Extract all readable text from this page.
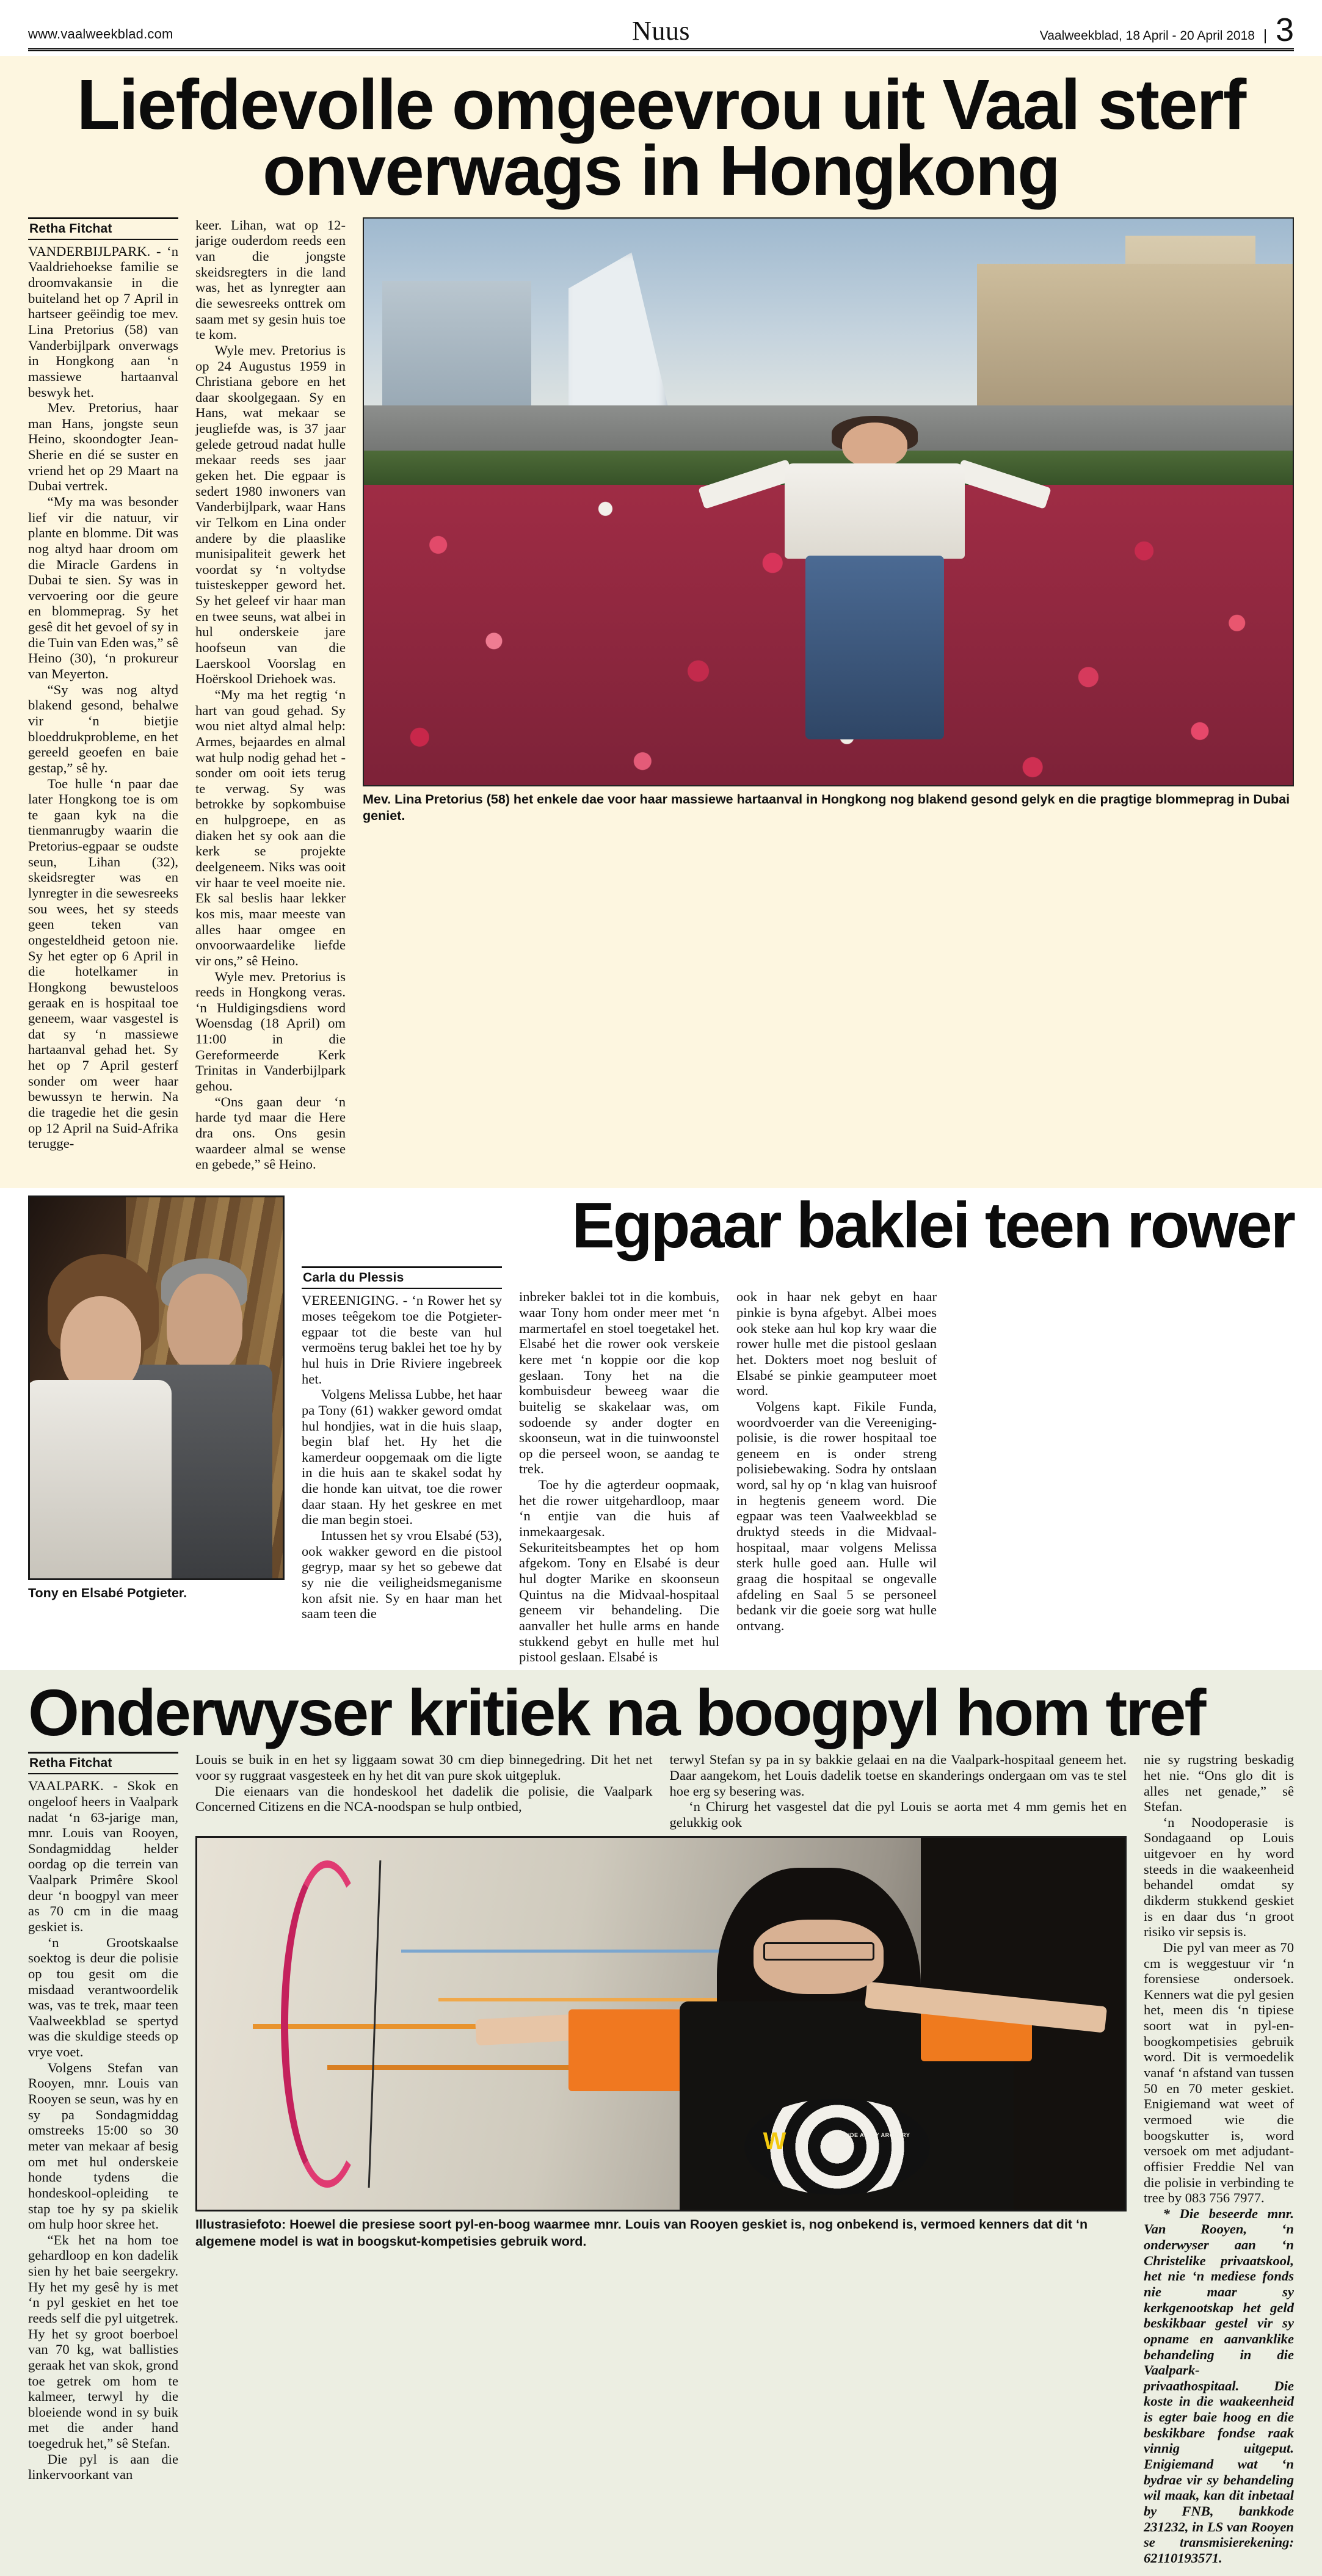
www.vaalweekblad.com	Nuus	Vaalweekblad, 18 April - 20 April 2018 3
Liefdevolle omgeevrou uit Vaal sterf onverwags in Hongkong
Retha Fitchat

VANDERBIJLPARK. - ‘n Vaaldriehoekse familie se droomvakansie in die buiteland het op 7 April in hartseer geëindig toe mev. Lina Pretorius (58) van Vanderbijlpark onverwags in Hongkong aan ‘n massiewe hartaanval beswyk het.

Mev. Pretorius, haar man Hans, jongste seun Heino, skoondogter Jean-Sherie en dié se suster en vriend het op 29 Maart na Dubai vertrek.

“My ma was besonder lief vir die natuur, vir plante en blomme. Dit was nog altyd haar droom om die Miracle Gardens in Dubai te sien. Sy was in vervoering oor die geure en blommeprag. Sy het gesê dit het gevoel of sy in die Tuin van Eden was,” sê Heino (30), ‘n prokureur van Meyerton.

“Sy was nog altyd blakend gesond, behalwe vir ‘n bietjie bloeddrukprobleme, en het gereeld geoefen en baie gestap,” sê hy.

Toe hulle ‘n paar dae later Hongkong toe is om te gaan kyk na die tienmanrugby waarin die Pretorius-egpaar se oudste seun, Lihan (32), skeidsregter was en lynregter in die sewesreeks sou wees, het sy steeds geen teken van ongesteldheid getoon nie. Sy het egter op 6 April in die hotelkamer in Hongkong bewusteloos geraak en is hospitaal toe geneem, waar vasgestel is dat sy ‘n massiewe hartaanval gehad het. Sy het op 7 April gesterf sonder om weer haar bewussyn te herwin. Na die tragedie het die gesin op 12 April na Suid-Afrika terugge-

keer. Lihan, wat op 12-jarige ouderdom reeds een van die jongste skeidsregters in die land was, het as lynregter aan die sewesreeks onttrek om saam met sy gesin huis toe te kom.

Wyle mev. Pretorius is op 24 Augustus 1959 in Christiana gebore en het daar skoolgegaan. Sy en Hans, wat mekaar se jeugliefde was, is 37 jaar gelede getroud nadat hulle mekaar reeds ses jaar geken het. Die egpaar is sedert 1980 inwoners van Vanderbijlpark, waar Hans vir Telkom en Lina onder andere by die plaaslike munisipaliteit gewerk het voordat sy ‘n voltydse tuisteskepper geword het. Sy het geleef vir haar man en twee seuns, wat albei in hul onderskeie jare hoofseun van die Laerskool Voorslag en Hoërskool Driehoek was.

“My ma het regtig ‘n hart van goud gehad. Sy wou niet altyd almal help: Armes, bejaardes en almal wat hulp nodig gehad het - sonder om ooit iets terug te verwag. Sy was betrokke by sopkombuise en hulpgroepe, en as diaken het sy ook aan die kerk se projekte deelgeneem. Niks was ooit vir haar te veel moeite nie. Ek sal beslis haar lekker kos mis, maar meeste van alles haar omgee en onvoorwaardelike liefde vir ons,” sê Heino.

Wyle mev. Pretorius is reeds in Hongkong veras. ‘n Huldigingsdiens word Woensdag (18 April) om 11:00 in die Gereformeerde Kerk Trinitas in Vanderbijlpark gehou.

“Ons gaan deur ‘n harde tyd maar die Here dra ons. Ons gesin waardeer almal se wense en gebede,” sê Heino.

Mev. Lina Pretorius (58) het enkele dae voor haar massiewe hartaanval in Hongkong nog blakend gesond gelyk en die pragtige blommeprag in Dubai geniet.
Tony en Elsabé Potgieter.
Egpaar baklei teen rower
Carla du Plessis

VEREENIGING. - ‘n Rower het sy moses teêgekom toe die Potgieter-egpaar tot die beste van hul vermoëns terug baklei het toe hy by hul huis in Drie Riviere ingebreek het.

Volgens Melissa Lubbe, het haar pa Tony (61) wakker geword omdat hul hondjies, wat in die huis slaap, begin blaf het. Hy het die kamerdeur oopgemaak om die ligte in die huis aan te skakel sodat hy die honde kan uitvat, toe die rower daar staan. Hy het geskree en met die man begin stoei.

Intussen het sy vrou Elsabé (53), ook wakker geword en die pistool gegryp, maar sy het so gebewe dat sy nie die veiligheidsmeganisme kon afsit nie. Sy en haar man het saam teen die

inbreker baklei tot in die kombuis, waar Tony hom onder meer met ‘n marmertafel en stoel toegetakel het. Elsabé het die rower ook verskeie kere met ‘n koppie oor die kop geslaan. Tony het na die kombuisdeur beweeg waar die buitelig se skakelaar was, om sodoende sy ander dogter en skoonseun, wat in die tuinwoonstel op die perseel woon, se aandag te trek.

Toe hy die agterdeur oopmaak, het die rower uitgehardloop, maar ‘n entjie van die huis af inmekaargesak. Sekuriteitsbeamptes het op hom afgekom. Tony en Elsabé is deur hul dogter Marike en skoonseun Quintus na die Midvaal-hospitaal geneem vir behandeling. Die aanvaller het hulle arms en hande stukkend gebyt en hulle met hul pistool geslaan. Elsabé is

ook in haar nek gebyt en haar pinkie is byna afgebyt. Albei moes ook steke aan hul kop kry waar die rower hulle met die pistool geslaan het. Dokters moet nog besluit of Elsabé se pinkie geamputeer moet word.

Volgens kapt. Fikile Funda, woordvoerder van die Vereeniging-polisie, is die rower hospitaal toe geneem en is onder streng polisiebewaking. Sodra hy ontslaan word, sal hy op ‘n klag van huisroof in hegtenis geneem word. Die egpaar was teen Vaalweekblad se druktyd steeds in die Midvaal-hospitaal, maar volgens Melissa sterk hulle goed aan. Hulle wil graag die hospitaal se ongevalle afdeling en Saal 5 se personeel bedank vir die goeie sorg wat hulle ontvang.

Onderwyser kritiek na boogpyl hom tref
Retha Fitchat

VAALPARK. - Skok en ongeloof heers in Vaalpark nadat ‘n 63-jarige man, mnr. Louis van Rooyen, Sondagmiddag helder oordag op die terrein van Vaalpark Primêre Skool deur ‘n boogpyl van meer as 70 cm in die maag geskiet is.

‘n Grootskaalse soektog is deur die polisie op tou gesit om die misdaad verantwoordelik was, vas te trek, maar teen Vaalweekblad se spertyd was die skuldige steeds op vrye voet.

Volgens Stefan van Rooyen, mnr. Louis van Rooyen se seun, was hy en sy pa Sondagmiddag omstreeks 15:00 so 30 meter van mekaar af besig om met hul onderskeie honde tydens die hondeskool-opleiding te stap toe hy sy pa skielik om hulp hoor skree het.

“Ek het na hom toe gehardloop en kon dadelik sien hy het baie seergekry. Hy het my gesê hy is met ‘n pyl geskiet en het toe reeds self die pyl uitgetrek. Hy het sy groot boerboel van 70 kg, wat ballisties geraak het van skok, grond toe getrek om hom te kalmeer, terwyl hy die bloeiende wond in sy buik met die ander hand toegedruk het,” sê Stefan.

Die pyl is aan die linkervoorkant van

Louis se buik in en het sy liggaam sowat 30 cm diep binnegedring. Dit het net voor sy ruggraat vasgesteek en hy het dit van pure skok uitgepluk.

Die eienaars van die hondeskool het dadelik die polisie, die Vaalpark Concerned Citizens en die NCA-noodspan se hulp ontbied,

terwyl Stefan sy pa in sy bakkie gelaai en na die Vaalpark-hospitaal geneem het. Daar aangekom, het Louis dadelik toetse en skanderings ondergaan om vas te stel hoe erg sy besering was.

‘n Chirurg het vasgestel dat die pyl Louis se aorta met 4 mm gemis het en gelukkig ook

W	WAYSIDE ALLEY ARCHERY
Illustrasiefoto: Hoewel die presiese soort pyl-en-boog waarmee mnr. Louis van Rooyen geskiet is, nog onbekend is, vermoed kenners dat dit ‘n algemene model is wat in boogskut-kompetisies gebruik word.

nie sy rugstring beskadig het nie. “Ons glo dit is alles net genade,” sê Stefan.

‘n Noodoperasie is Sondagaand op Louis uitgevoer en hy word steeds in die waakeenheid behandel omdat sy dikderm stukkend geskiet is en daar dus ‘n groot risiko vir sepsis is.

Die pyl van meer as 70 cm is weggestuur vir ‘n forensiese ondersoek. Kenners wat die pyl gesien het, meen dis ‘n tipiese soort wat in pyl-en-boogkompetisies gebruik word. Dit is vermoedelik vanaf ‘n afstand van tussen 50 en 70 meter geskiet. Enigiemand wat weet of vermoed wie die boogskutter is, word versoek om met adjudant-offisier Freddie Nel van die polisie in verbinding te tree by 083 756 7977.

* Die beseerde mnr. Van Rooyen, ‘n onderwyser aan ‘n Christelike privaatskool, het nie ‘n mediese fonds nie maar sy kerkgenootskap het geld beskikbaar gestel vir sy opname en aanvanklike behandeling in die Vaalpark-privaathospitaal. Die koste in die waakeenheid is egter baie hoog en die beskikbare fondse raak vinnig uitgeput. Enigiemand wat ‘n bydrae vir sy behandeling wil maak, kan dit inbetaal by FNB, bankkode 231232, in LS van Rooyen se transmisierekening: 62110193571.
